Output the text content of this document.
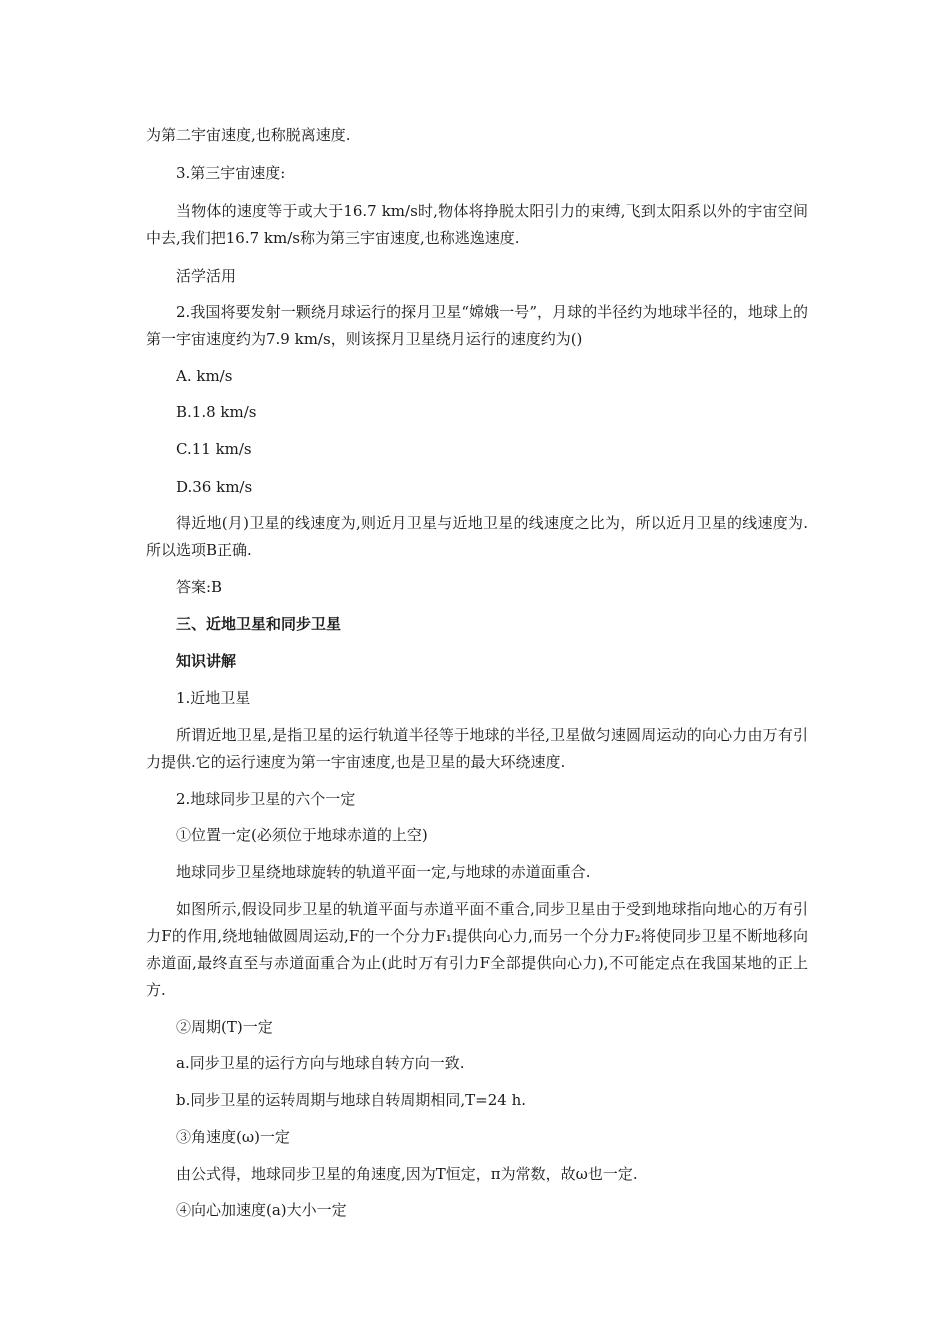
为第二宇宙速度,也称脱离速度.

3.第三宇宙速度:

当物体的速度等于或大于16.7 km/s时,物体将挣脱太阳引力的束缚,飞到太阳系以外的宇宙空间中去,我们把16.7 km/s称为第三宇宙速度,也称逃逸速度.

活学活用

2.我国将要发射一颗绕月球运行的探月卫星“嫦娥一号”，月球的半径约为地球半径的，地球上的第一宇宙速度约为7.9 km/s，则该探月卫星绕月运行的速度约为()

A. km/s

B.1.8 km/s

C.11 km/s

D.36 km/s

得近地(月)卫星的线速度为,则近月卫星与近地卫星的线速度之比为，所以近月卫星的线速度为.所以选项B正确.

答案:B

三、近地卫星和同步卫星

知识讲解

1.近地卫星

所谓近地卫星,是指卫星的运行轨道半径等于地球的半径,卫星做匀速圆周运动的向心力由万有引力提供.它的运行速度为第一宇宙速度,也是卫星的最大环绕速度.

2.地球同步卫星的六个一定

①位置一定(必须位于地球赤道的上空)

地球同步卫星绕地球旋转的轨道平面一定,与地球的赤道面重合.

如图所示,假设同步卫星的轨道平面与赤道平面不重合,同步卫星由于受到地球指向地心的万有引力F的作用,绕地轴做圆周运动,F的一个分力F₁提供向心力,而另一个分力F₂将使同步卫星不断地移向赤道面,最终直至与赤道面重合为止(此时万有引力F全部提供向心力),不可能定点在我国某地的正上方.

②周期(T)一定

a.同步卫星的运行方向与地球自转方向一致.

b.同步卫星的运转周期与地球自转周期相同,T=24 h.

③角速度(ω)一定

由公式得，地球同步卫星的角速度,因为T恒定，π为常数，故ω也一定.

④向心加速度(a)大小一定
